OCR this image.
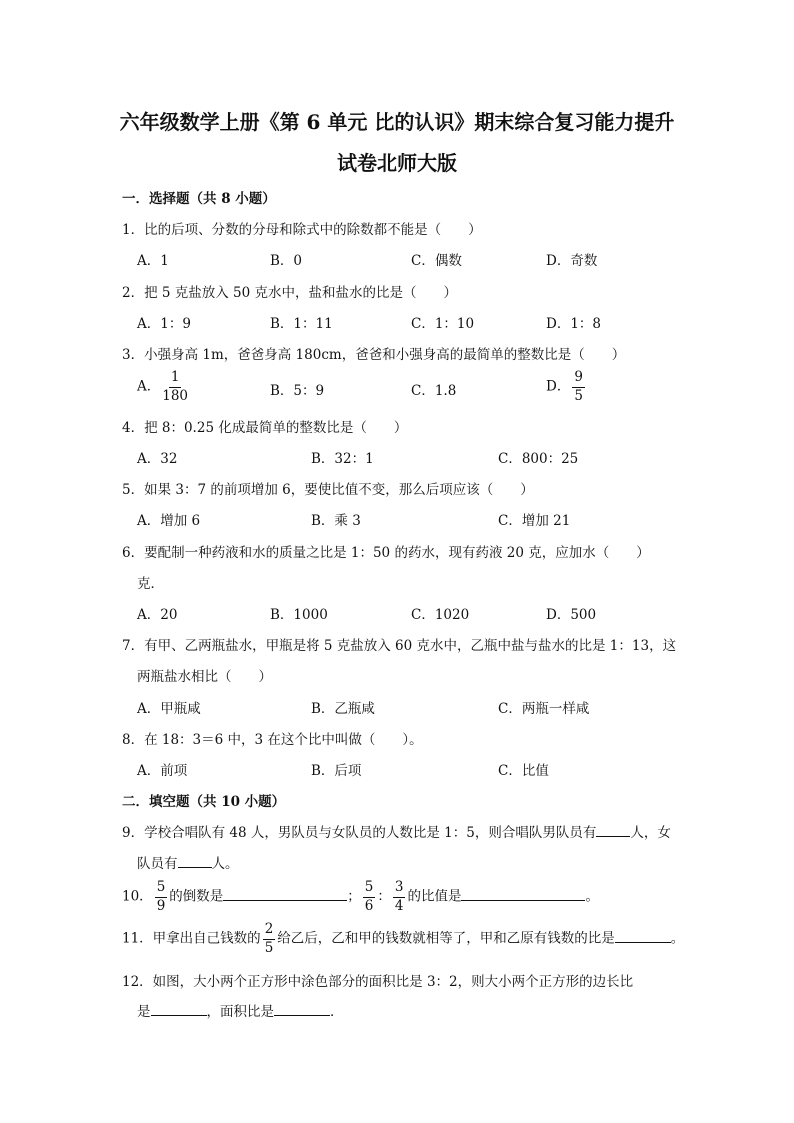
六年级数学上册《第 6 单元 比的认识》期末综合复习能力提升
试卷北师大版
一．选择题（共 8 小题）
1．比的后项、分数的分母和除式中的除数都不能是（　　）
A．1	B．0	C．偶数	D．奇数
2．把 5 克盐放入 50 克水中，盐和盐水的比是（　　）
A．1：9	B．1：11	C．1：10	D．1：8
3．小强身高 1m，爸爸身高 180cm，爸爸和小强身高的最简单的整数比是（　　）
A． $\frac{1}{180}$	B．5：9	C．1.8	D． $\frac{9}{5}$
4．把 8：0.25 化成最简单的整数比是（　　）
A．32	B．32：1	C．800：25
5．如果 3：7 的前项增加 6，要使比值不变，那么后项应该（　　）
A．增加 6	B．乘 3	C．增加 21
6．要配制一种药液和水的质量之比是 1：50 的药水，现有药液 20 克，应加水（　　）
克．
A．20	B．1000	C．1020	D．500
7．有甲、乙两瓶盐水，甲瓶是将 5 克盐放入 60 克水中，乙瓶中盐与盐水的比是 1：13，这
两瓶盐水相比（　　）
A．甲瓶咸	B．乙瓶咸	C．两瓶一样咸
8．在 18：3＝6 中，3 在这个比中叫做（　　）。
A．前项	B．后项	C．比值
二．填空题（共 10 小题）
9．学校合唱队有 48 人，男队员与女队员的人数比是 1：5，则合唱队男队员有	人，女
队员有	人。
10． $\frac{5}{9}$ 的倒数是	； $\frac{5}{6}$ ： $\frac{3}{4}$ 的比值是	。
11．甲拿出自己钱数的 $\frac{2}{5}$ 给乙后，乙和甲的钱数就相等了，甲和乙原有钱数的比是	。
12．如图，大小两个正方形中涂色部分的面积比是 3：2，则大小两个正方形的边长比
是	，面积比是	．
